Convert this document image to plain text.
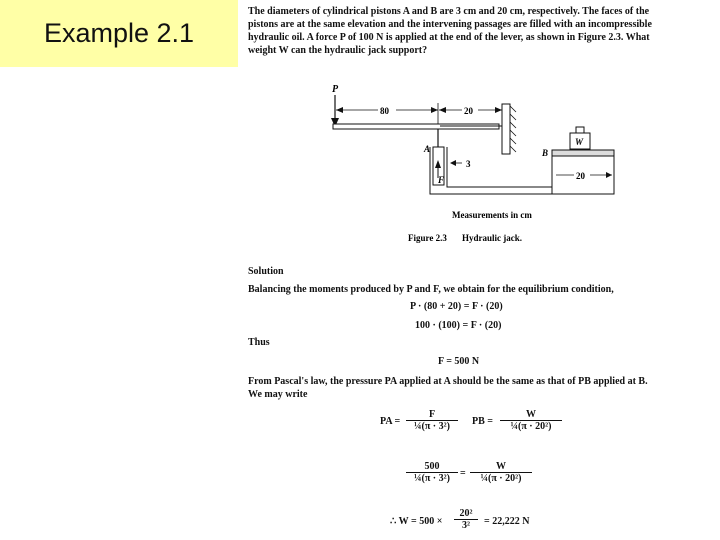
Example 2.1
The diameters of cylindrical pistons A and B are 3 cm and 20 cm, respectively. The faces of the
pistons are at the same elevation and the intervening passages are filled with an incompressible
hydraulic oil. A force P of 100 N is applied at the end of the lever, as shown in Figure 2.3. What
weight W can the hydraulic jack support?
P
80	20
A
F
3
B
W
20
Measurements in cm
Figure 2.3 Hydraulic jack.
Solution
Balancing the moments produced by P and F, we obtain for the equilibrium condition,
P · (80 + 20) = F · (20)
100 · (100) = F · (20)
Thus
F = 500 N
From Pascal's law, the pressure PA applied at A should be the same as that of PB applied at B.
We may write
PA = $\frac{F}{\text{¼(π · 3²)}}$ PB = $\frac{W}{\text{¼(π · 20²)}}$
$\frac{500}{\text{¼(π · 3²)}} = \frac{W}{\text{¼(π · 20²)}}$
∴ $W = 500 \times \frac{\text{20²}}{\text{3²}} = 22,222$ N
